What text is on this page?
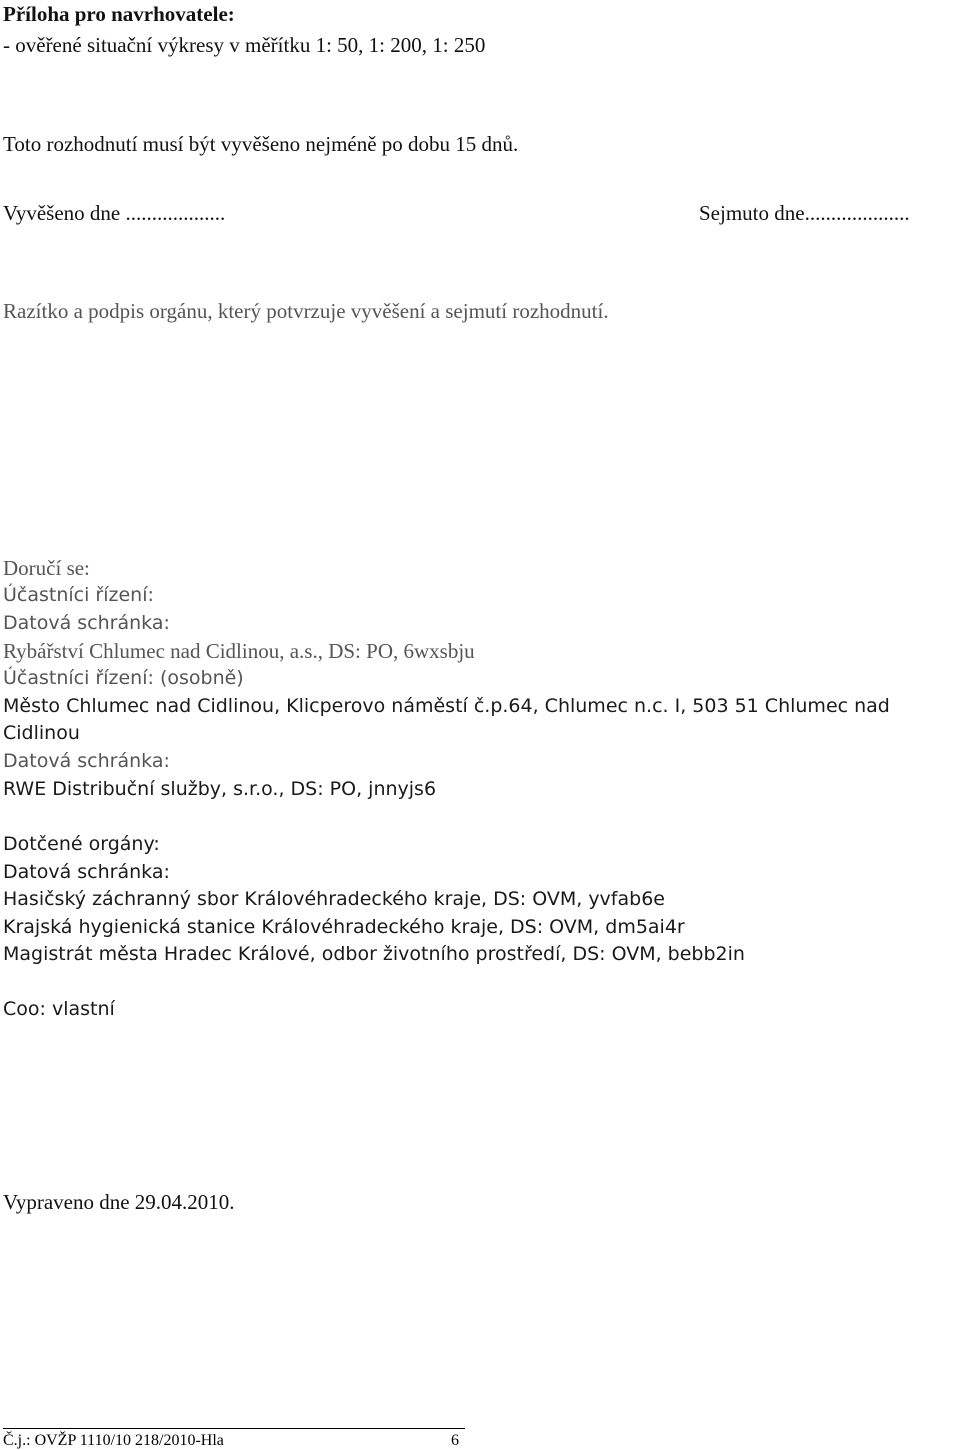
Příloha pro navrhovatele:
- ověřené situační výkresy v měřítku 1: 50, 1: 200, 1: 250
Toto rozhodnutí musí být vyvěšeno nejméně po dobu 15 dnů.
Vyvěšeno dne ...................	Sejmuto dne....................
Razítko a podpis orgánu, který potvrzuje vyvěšení a sejmutí rozhodnutí.
Doručí se:
Účastníci řízení:
Datová schránka:
Rybářství Chlumec nad Cidlinou, a.s., DS: PO, 6wxsbju
Účastníci řízení: (osobně)
Město Chlumec nad Cidlinou, Klicperovo náměstí č.p.64, Chlumec n.c. I, 503 51 Chlumec nad
Cidlinou
Datová schránka:
RWE Distribuční služby, s.r.o., DS: PO, jnnyjs6
Dotčené orgány:
Datová schránka:
Hasičský záchranný sbor Královéhradeckého kraje, DS: OVM, yvfab6e
Krajská hygienická stanice Královéhradeckého kraje, DS: OVM, dm5ai4r
Magistrát města Hradec Králové, odbor životního prostředí, DS: OVM, bebb2in
Coo: vlastní
Vypraveno dne 29.04.2010.
Č.j.: OVŽP 1110/10 218/2010-Hla	6
